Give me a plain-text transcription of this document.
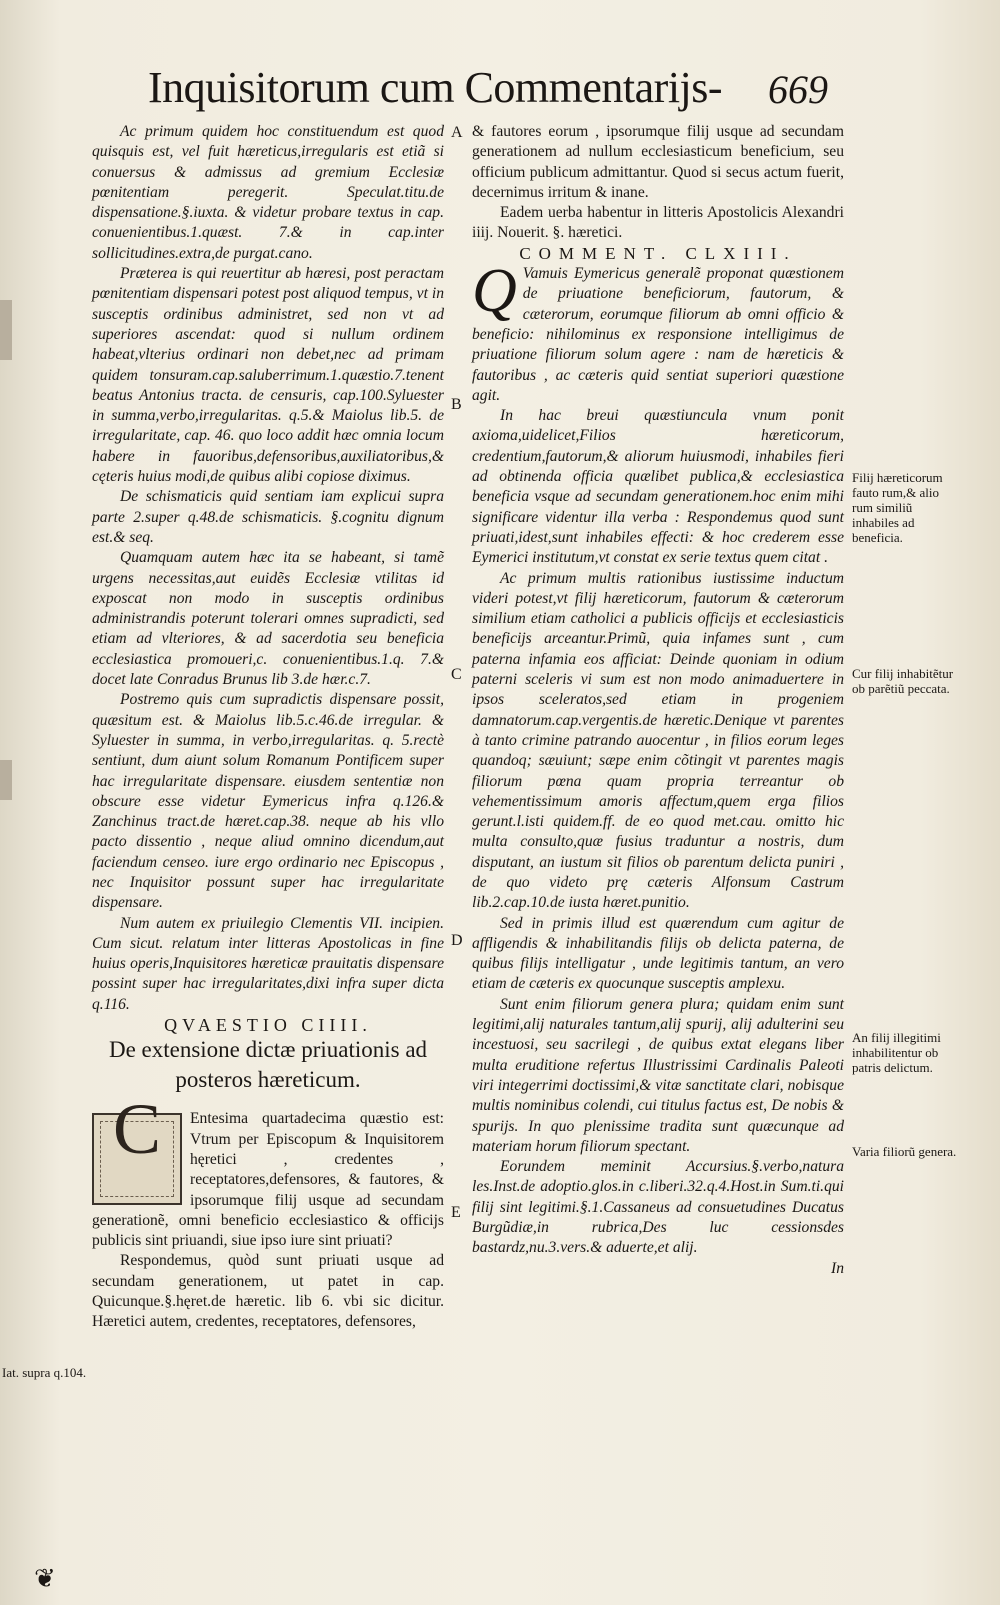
Inquisitorum cum Commentarijs- 669

Ac primum quidem hoc constituendum est quod quisquis est, vel fuit hæreticus,irregularis est etiã si conuersus & admissus ad gremium Ecclesiæ pœnitentiam peregerit. Speculat.titu.de dispensatione.§.iuxta. & videtur probare textus in cap. conuenientibus.1.quæst. 7.& in cap.inter sollicitudines.extra,de purgat.cano.

Præterea is qui reuertitur ab hæresi, post peractam pœnitentiam dispensari potest post aliquod tempus, vt in susceptis ordinibus administret, sed non vt ad superiores ascendat: quod si nullum ordinem habeat,vlterius ordinari non debet,nec ad primam quidem tonsuram.cap.saluberrimum.1.quæstio.7.tenent beatus Antonius tracta. de censuris, cap.100.Syluester in summa,verbo,irregularitas. q.5.& Maiolus lib.5. de irregularitate, cap. 46. quo loco addit hæc omnia locum habere in fauoribus,defensoribus,auxiliatoribus,& cęteris huius modi,de quibus alibi copiose diximus.

De schismaticis quid sentiam iam explicui supra parte 2.super q.48.de schismaticis. §.cognitu dignum est.& seq.

Quamquam autem hæc ita se habeant, si tamẽ urgens necessitas,aut euidẽs Ecclesiæ vtilitas id exposcat non modo in susceptis ordinibus administrandis poterunt tolerari omnes supradicti, sed etiam ad vlteriores, & ad sacerdotia seu beneficia ecclesiastica promoueri,c. conuenientibus.1.q. 7.& docet late Conradus Brunus lib 3.de hær.c.7.

Postremo quis cum supradictis dispensare possit, quæsitum est. & Maiolus lib.5.c.46.de irregular. & Syluester in summa, in verbo,irregularitas. q. 5.rectè sentiunt, dum aiunt solum Romanum Pontificem super hac irregularitate dispensare. eiusdem sententiæ non obscure esse videtur Eymericus infra q.126.& Zanchinus tract.de hæret.cap.38. neque ab his vllo pacto dissentio , neque aliud omnino dicendum,aut faciendum censeo. iure ergo ordinario nec Episcopus , nec Inquisitor possunt super hac irregularitate dispensare.

Num autem ex priuilegio Clementis VII. incipien. Cum sicut. relatum inter litteras Apostolicas in fine huius operis,Inquisitores hæreticæ prauitatis dispensare possint super hac irregularitates,dixi infra super dicta q.116.

QVAESTIO CIIII.

De extensione dictæ priuationis ad posteros hæreticum.

C	Entesima quartadecima quæstio est: Vtrum per Episcopum & Inquisitorem hęretici , credentes , receptatores,defensores, & fautores, & ipsorumque filij usque ad secundam generationẽ, omni beneficio ecclesiastico & officijs publicis sint priuandi, siue ipso iure sint priuati?

Respondemus, quòd sunt priuati usque ad secundam generationem, ut patet in cap. Quicunque.§.hęret.de hæretic. lib 6. vbi sic dicitur. Hæretici autem, credentes, receptatores, defensores,

& fautores eorum , ipsorumque filij usque ad secundam generationem ad nullum ecclesiasticum beneficium, seu officium publicum admittantur. Quod si secus actum fuerit, decernimus irritum & inane.

Eadem uerba habentur in litteris Apostolicis Alexandri iiij. Nouerit. §. hæretici.

COMMENT. CLXIII.

Q Vamuis Eymericus generalẽ proponat quæstionem de priuatione beneficiorum, fautorum, & cæterorum, eorumque filiorum ab omni officio & beneficio: nihilominus ex responsione intelligimus de priuatione filiorum solum agere : nam de hæreticis & fautoribus , ac cæteris quid sentiat superiori quæstione agit.

In hac breui quæstiuncula vnum ponit axioma,uidelicet,Filios hæreticorum, credentium,fautorum,& aliorum huiusmodi, inhabiles fieri ad obtinenda officia quælibet publica,& ecclesiastica beneficia vsque ad secundam generationem.hoc enim mihi significare videntur illa verba : Respondemus quod sunt priuati,idest,sunt inhabiles effecti: & hoc crederem esse Eymerici institutum,vt constat ex serie textus quem citat .

Ac primum multis rationibus iustissime inductum videri potest,vt filij hæreticorum, fautorum & cæterorum similium etiam catholici a publicis officijs et ecclesiasticis beneficijs arceantur.Primũ, quia infames sunt , cum paterna infamia eos afficiat: Deinde quoniam in odium paterni sceleris vi sum est non modo animaduertere in ipsos sceleratos,sed etiam in progeniem damnatorum.cap.vergentis.de hæretic.Denique vt parentes à tanto crimine patrando auocentur , in filios eorum leges quandoq; sæuiunt; sæpe enim cõtingit vt parentes magis filiorum pœna quam propria terreantur ob vehementissimum amoris affectum,quem erga filios gerunt.l.isti quidem.ff. de eo quod met.cau. omitto hic multa consulto,quæ fusius traduntur a nostris, dum disputant, an iustum sit filios ob parentum delicta puniri , de quo videto prę cæteris Alfonsum Castrum lib.2.cap.10.de iusta hæret.punitio.

Sed in primis illud est quærendum cum agitur de affligendis & inhabilitandis filijs ob delicta paterna, de quibus filijs intelligatur , unde legitimis tantum, an vero etiam de cæteris ex quocunque susceptis amplexu.

Sunt enim filiorum genera plura; quidam enim sunt legitimi,alij naturales tantum,alij spurij, alij adulterini seu incestuosi, seu sacrilegi , de quibus extat elegans liber multa eruditione refertus Illustrissimi Cardinalis Paleoti viri integerrimi doctissimi,& vitæ sanctitate clari, nobisque multis nominibus colendi, cui titulus factus est, De nobis & spurijs. In quo plenissime tradita sunt quæcunque ad materiam horum filiorum spectant.

Eorundem meminit Accursius.§.verbo,natura les.Inst.de adoptio.glos.in c.liberi.32.q.4.Host.in Sum.ti.qui filij sint legitimi.§.1.Cassaneus ad consuetudines Ducatus Burgũdiæ,in rubrica,Des luc cessionsdes bastardz,nu.3.vers.& aduerte,et alij.

In

A
B
C
D
E

Filij hæreticorum fauto rum,& alio rum similiũ inhabiles ad beneficia.

Cur filij inhabitẽtur ob parẽtiũ peccata.

An filij illegitimi inhabilitentur ob patris delictum.

Varia filiorũ genera.

Iat. supra q.104.
❦
